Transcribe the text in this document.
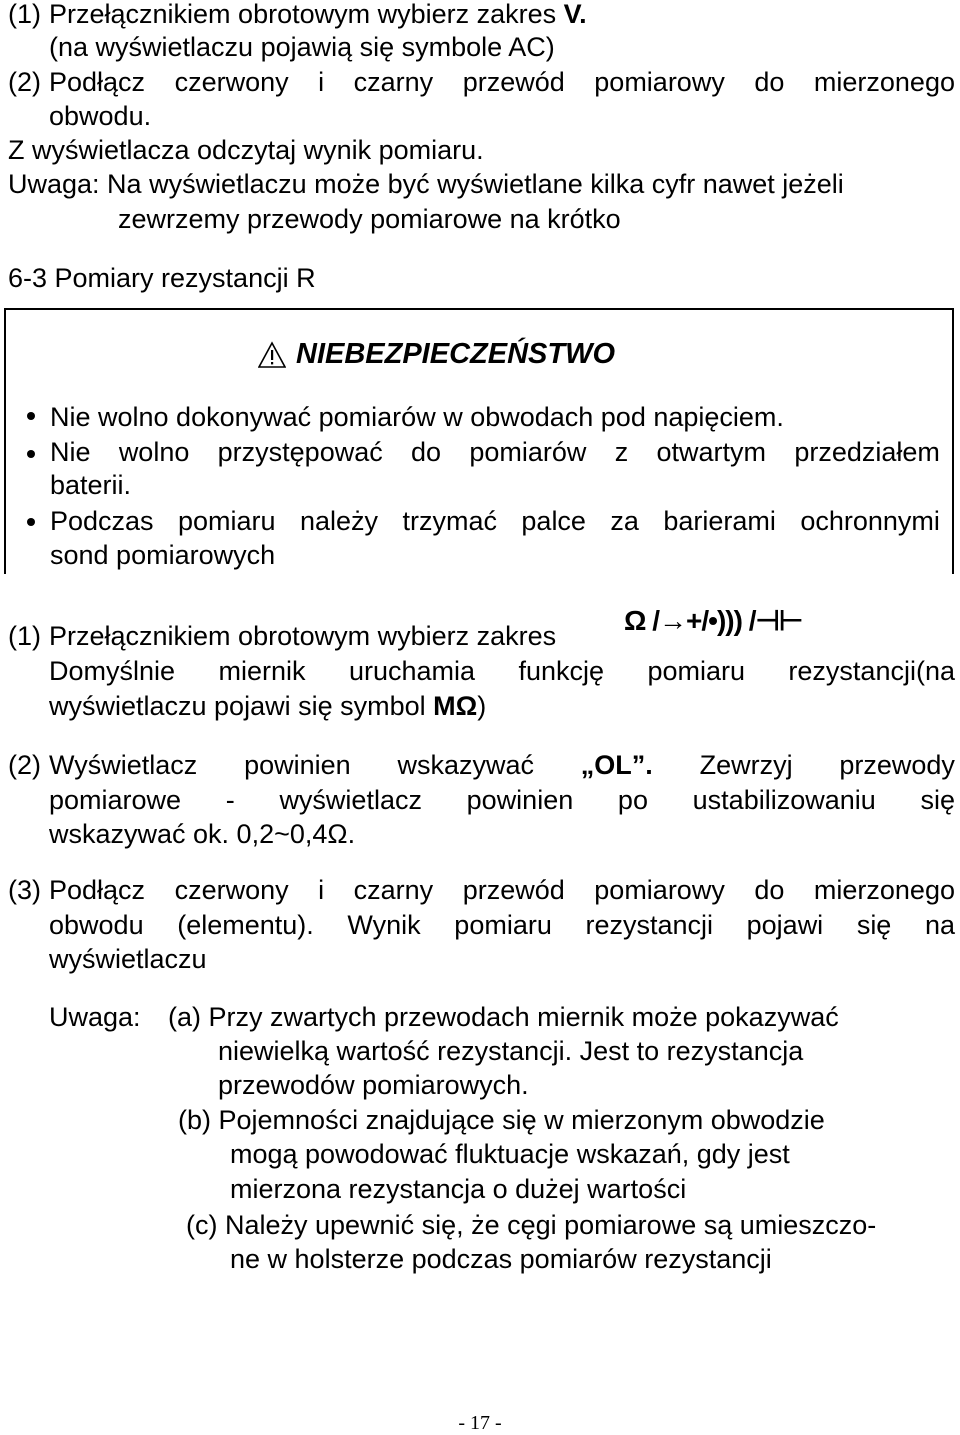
(1) Przełącznikiem obrotowym wybierz zakres V.
(na wyświetlaczu pojawią się symbole AC)
(2) Podłącz czerwony i czarny przewód pomiarowy do mierzonego
obwodu.
Z wyświetlacza odczytaj wynik pomiaru.
Uwaga: Na wyświetlaczu może być wyświetlane kilka cyfr nawet jeżeli
zewrzemy przewody pomiarowe na krótko
6-3 Pomiary rezystancji R
NIEBEZPIECZEŃSTWO
Nie wolno dokonywać pomiarów w obwodach pod napięciem.
Nie wolno przystępować do pomiarów z otwartym przedziałem
baterii.
Podczas pomiaru należy trzymać palce za barierami ochronnymi
sond pomiarowych
(1) Przełącznikiem obrotowym wybierz zakres Ω /→+/•))) /⊣⊢
Domyślnie miernik uruchamia funkcję pomiaru rezystancji(na
wyświetlaczu pojawi się symbol MΩ)
(2) Wyświetlacz powinien wskazywać „OL”. Zewrzyj przewody
pomiarowe - wyświetlacz powinien po ustabilizowaniu się
wskazywać ok. 0,2~0,4Ω.
(3) Podłącz czerwony i czarny przewód pomiarowy do mierzonego
obwodu (elementu). Wynik pomiaru rezystancji pojawi się na
wyświetlaczu
Uwaga: (a) Przy zwartych przewodach miernik może pokazywać
niewielką wartość rezystancji. Jest to rezystancja
przewodów pomiarowych.
(b) Pojemności znajdujące się w mierzonym obwodzie
mogą powodować fluktuacje wskazań, gdy jest
mierzona rezystancja o dużej wartości
(c) Należy upewnić się, że cęgi pomiarowe są umieszczo-
ne w holsterze podczas pomiarów rezystancji
- 17 -
